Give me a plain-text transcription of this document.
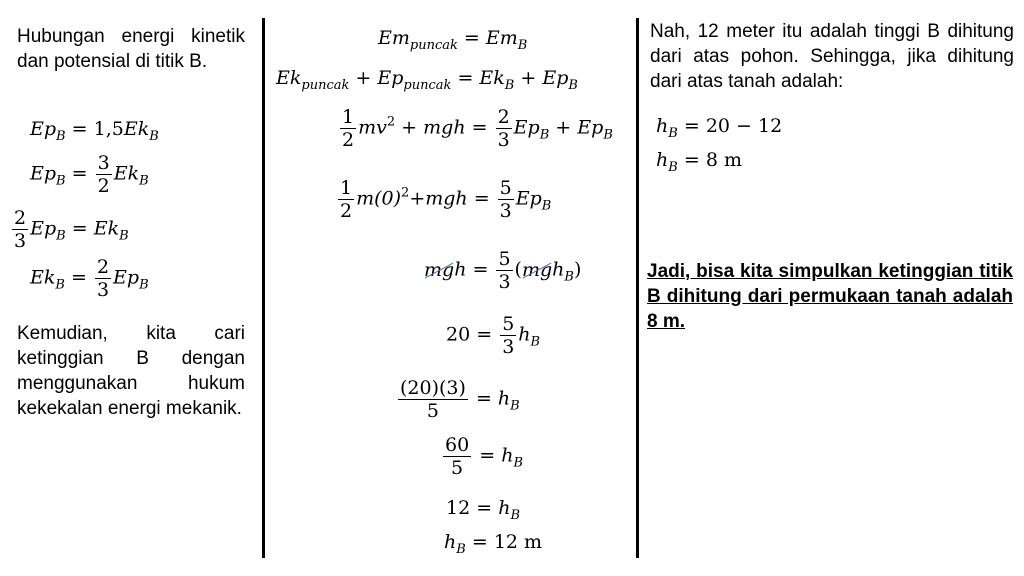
Hubungan energi kinetik dan potensial di titik B.
$Ep_B = 1,5Ek_B$
$Ep_B = \frac{3}{2} Ek_B$
$\frac{2}{3} Ep_B = Ek_B$
$Ek_B = \frac{2}{3} Ep_B$
Kemudian, kita cari ketinggian B dengan menggunakan hukum kekekalan energi mekanik.
$Em_{puncak} = Em_B$
$Ek_{puncak} + Ep_{puncak} = Ek_B + Ep_B$
$\frac{1}{2} mv^2$ + mgh = $\frac{2}{3} Ep_B + Ep_B$
$\frac{1}{2} m(0)^2+mgh = \frac{5}{3} Ep_B$
mgh = $\frac{5}{3} (mgh_B)$
$20 = \frac{5}{3} h_B$
$\frac{(20)(3)}{5} = h_B$
$\frac{60}{5} = h_B$
$12 = h_B$
$h_B = 12$ m
Nah, 12 meter itu adalah tinggi B dihitung dari atas pohon. Sehingga, jika dihitung dari atas tanah adalah:
$h_B = 20 - 12$
$h_B = 8$ m
Jadi, bisa kita simpulkan ketinggian titik B dihitung dari permukaan tanah adalah 8 m.
